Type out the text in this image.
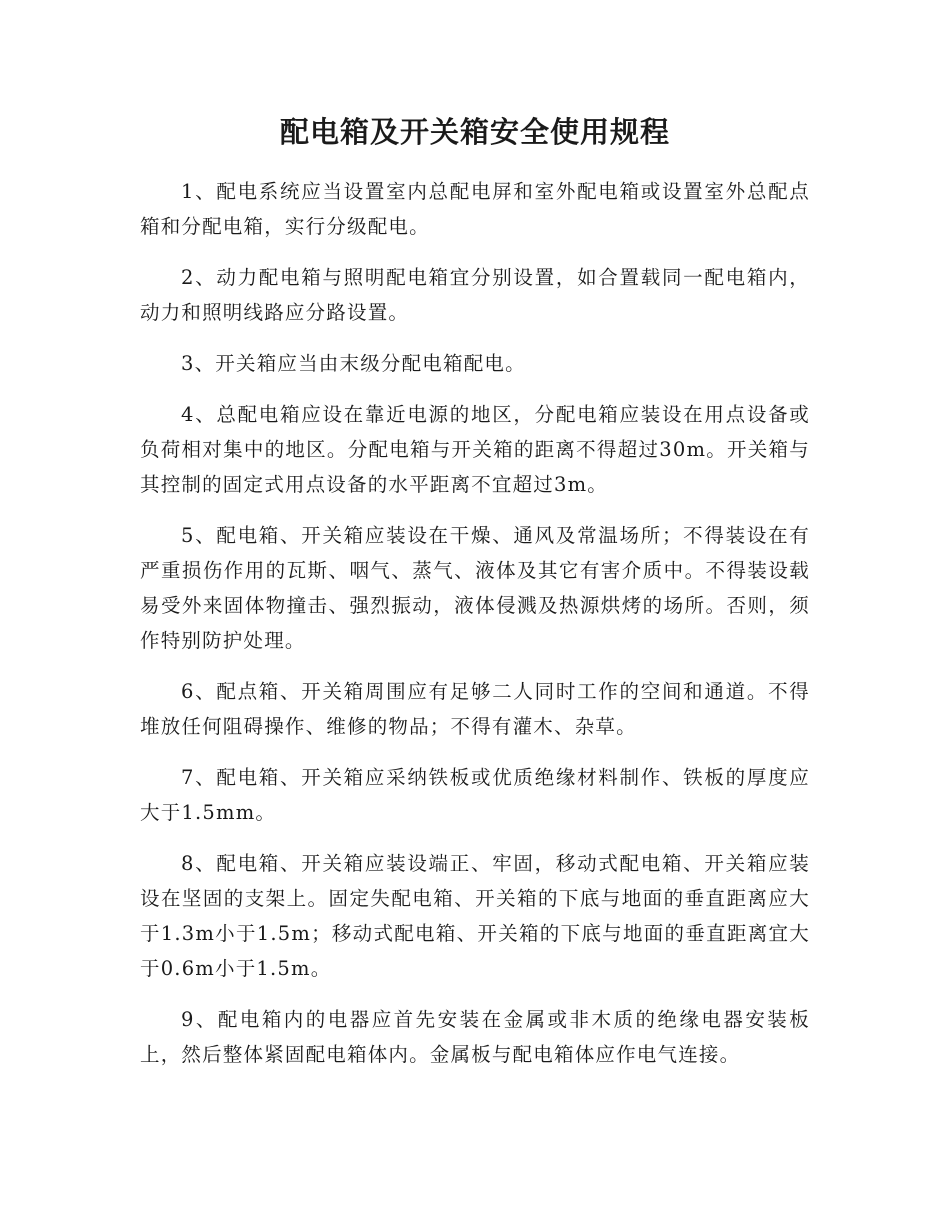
配电箱及开关箱安全使用规程

1、配电系统应当设置室内总配电屏和室外配电箱或设置室外总配点箱和分配电箱，实行分级配电。

2、动力配电箱与照明配电箱宜分别设置，如合置载同一配电箱内，动力和照明线路应分路设置。

3、开关箱应当由末级分配电箱配电。

4、总配电箱应设在靠近电源的地区，分配电箱应装设在用点设备或负荷相对集中的地区。分配电箱与开关箱的距离不得超过30m。开关箱与其控制的固定式用点设备的水平距离不宜超过3m。

5、配电箱、开关箱应装设在干燥、通风及常温场所；不得装设在有严重损伤作用的瓦斯、咽气、蒸气、液体及其它有害介质中。不得装设载易受外来固体物撞击、强烈振动，液体侵溅及热源烘烤的场所。否则，须作特别防护处理。

6、配点箱、开关箱周围应有足够二人同时工作的空间和通道。不得堆放任何阻碍操作、维修的物品；不得有灌木、杂草。

7、配电箱、开关箱应采纳铁板或优质绝缘材料制作、铁板的厚度应大于1.5mm。

8、配电箱、开关箱应装设端正、牢固，移动式配电箱、开关箱应装设在坚固的支架上。固定失配电箱、开关箱的下底与地面的垂直距离应大于1.3m小于1.5m；移动式配电箱、开关箱的下底与地面的垂直距离宜大于0.6m小于1.5m。

9、配电箱内的电器应首先安装在金属或非木质的绝缘电器安装板上，然后整体紧固配电箱体内。金属板与配电箱体应作电气连接。
